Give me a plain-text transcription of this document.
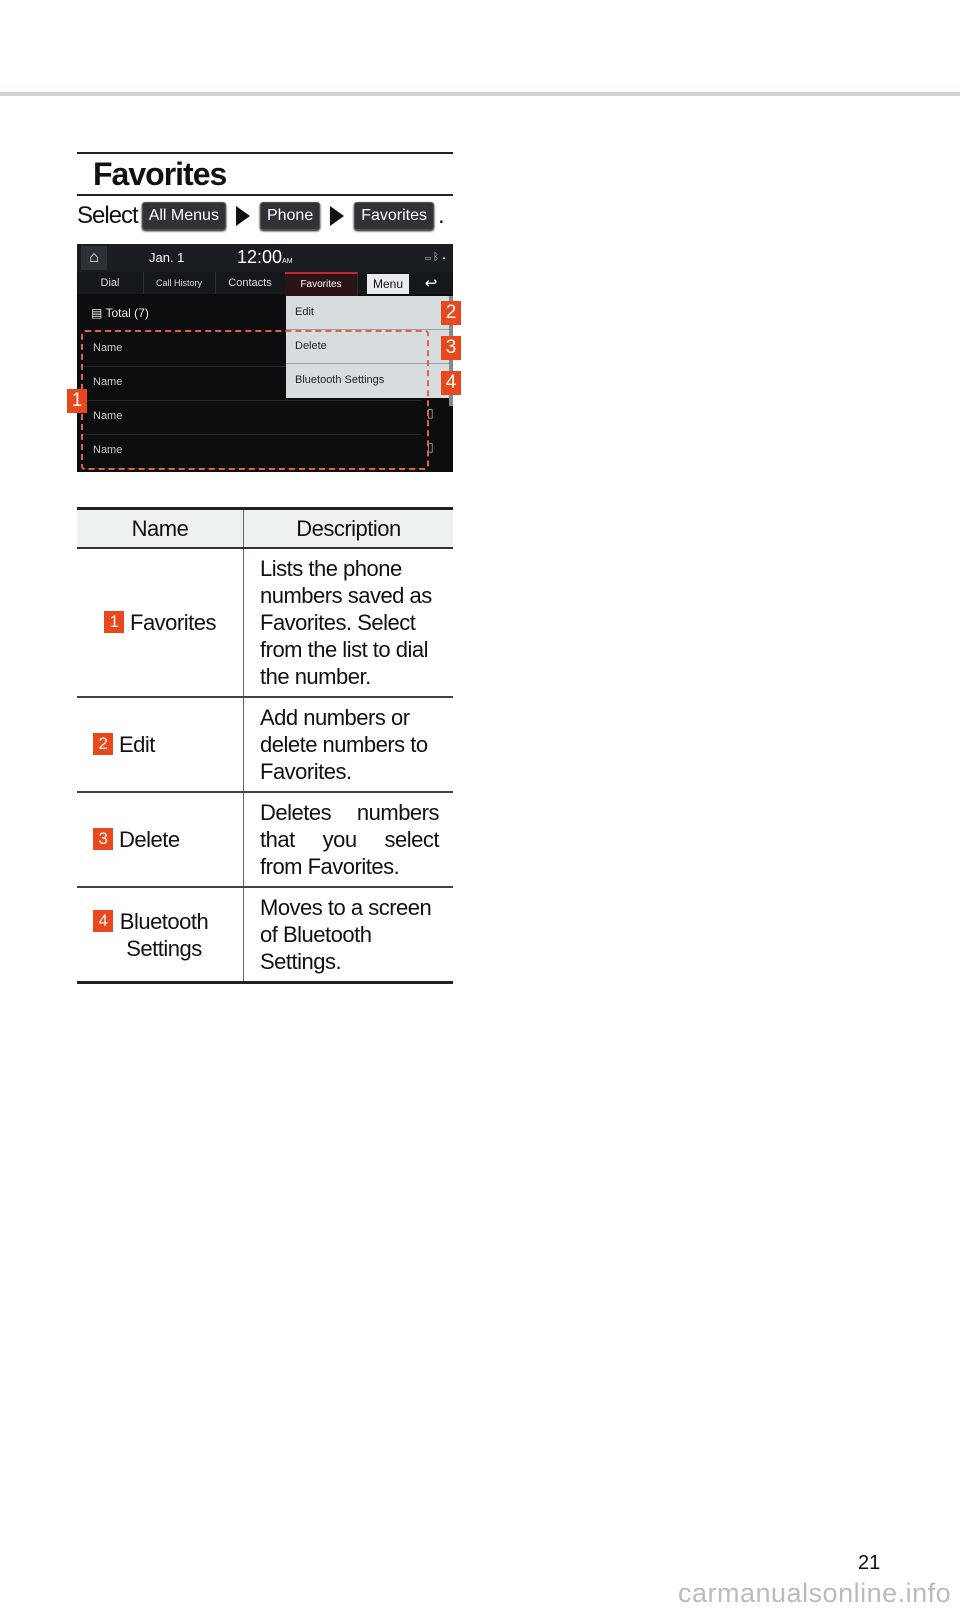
Favorites
Select All Menus	Phone	Favorites .
⌂	Jan. 1	12:00AM	▭ᛒ▴
Dial	Call History	Contacts	Favorites	Menu	↩
▤ Total (7)
Name
Name
Name
Name
▯
▯
Edit
Delete
Bluetooth Settings
1
2
3
4
Name	Description
1 Favorites	Lists the phone numbers saved as Favorites. Select from the list to dial the number.
2 Edit	Add numbers or delete numbers to Favorites.
3 Delete	Deletes numbers that you select from Favorites.
4 Bluetooth Settings	Moves to a screen of Bluetooth Settings.
21
carmanualsonline.info
